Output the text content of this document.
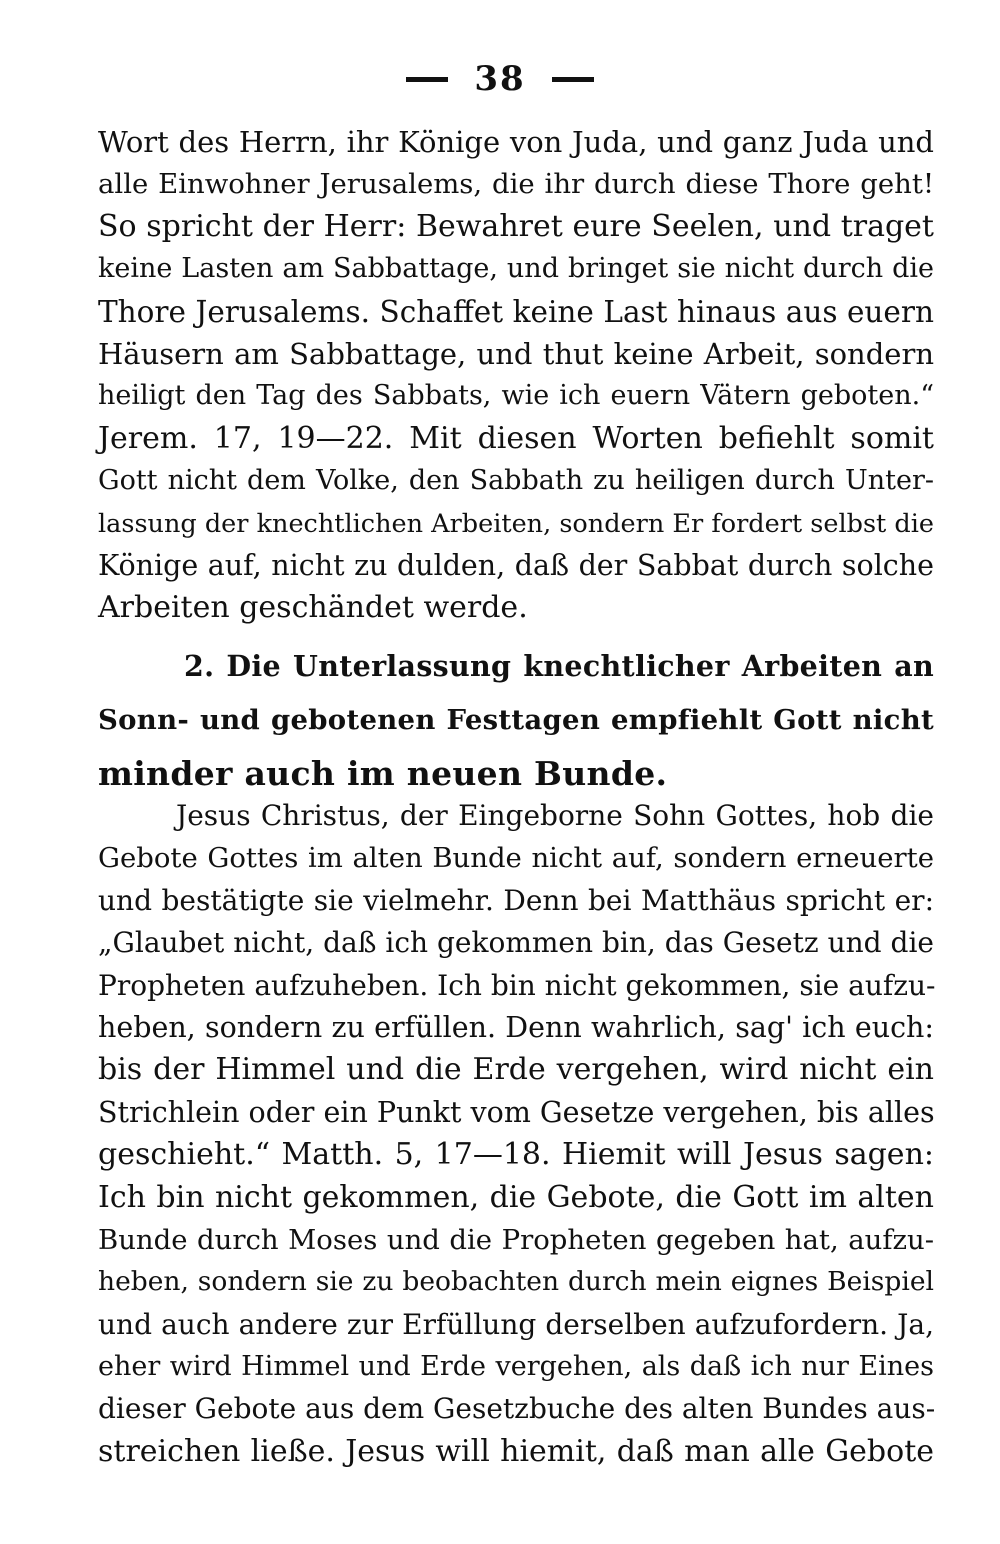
38
Wort des Herrn, ihr Könige von Juda, und ganz Juda und
alle Einwohner Jerusalems, die ihr durch diese Thore geht!
So spricht der Herr: Bewahret eure Seelen, und traget
keine Lasten am Sabbattage, und bringet sie nicht durch die
Thore Jerusalems. Schaffet keine Last hinaus aus euern
Häusern am Sabbattage, und thut keine Arbeit, sondern
heiligt den Tag des Sabbats, wie ich euern Vätern geboten.“
Jerem. 17, 19—22. Mit diesen Worten befiehlt somit
Gott nicht dem Volke, den Sabbath zu heiligen durch Unter-
lassung der knechtlichen Arbeiten, sondern Er fordert selbst die
Könige auf, nicht zu dulden, daß der Sabbat durch solche
Arbeiten geschändet werde.
2. Die Unterlassung knechtlicher Arbeiten an
Sonn- und gebotenen Festtagen empfiehlt Gott nicht
minder auch im neuen Bunde.
Jesus Christus, der Eingeborne Sohn Gottes, hob die
Gebote Gottes im alten Bunde nicht auf, sondern erneuerte
und bestätigte sie vielmehr. Denn bei Matthäus spricht er:
„Glaubet nicht, daß ich gekommen bin, das Gesetz und die
Propheten aufzuheben. Ich bin nicht gekommen, sie aufzu-
heben, sondern zu erfüllen. Denn wahrlich, sag' ich euch:
bis der Himmel und die Erde vergehen, wird nicht ein
Strichlein oder ein Punkt vom Gesetze vergehen, bis alles
geschieht.“ Matth. 5, 17—18. Hiemit will Jesus sagen:
Ich bin nicht gekommen, die Gebote, die Gott im alten
Bunde durch Moses und die Propheten gegeben hat, aufzu-
heben, sondern sie zu beobachten durch mein eignes Beispiel
und auch andere zur Erfüllung derselben aufzufordern. Ja,
eher wird Himmel und Erde vergehen, als daß ich nur Eines
dieser Gebote aus dem Gesetzbuche des alten Bundes aus-
streichen ließe. Jesus will hiemit, daß man alle Gebote
